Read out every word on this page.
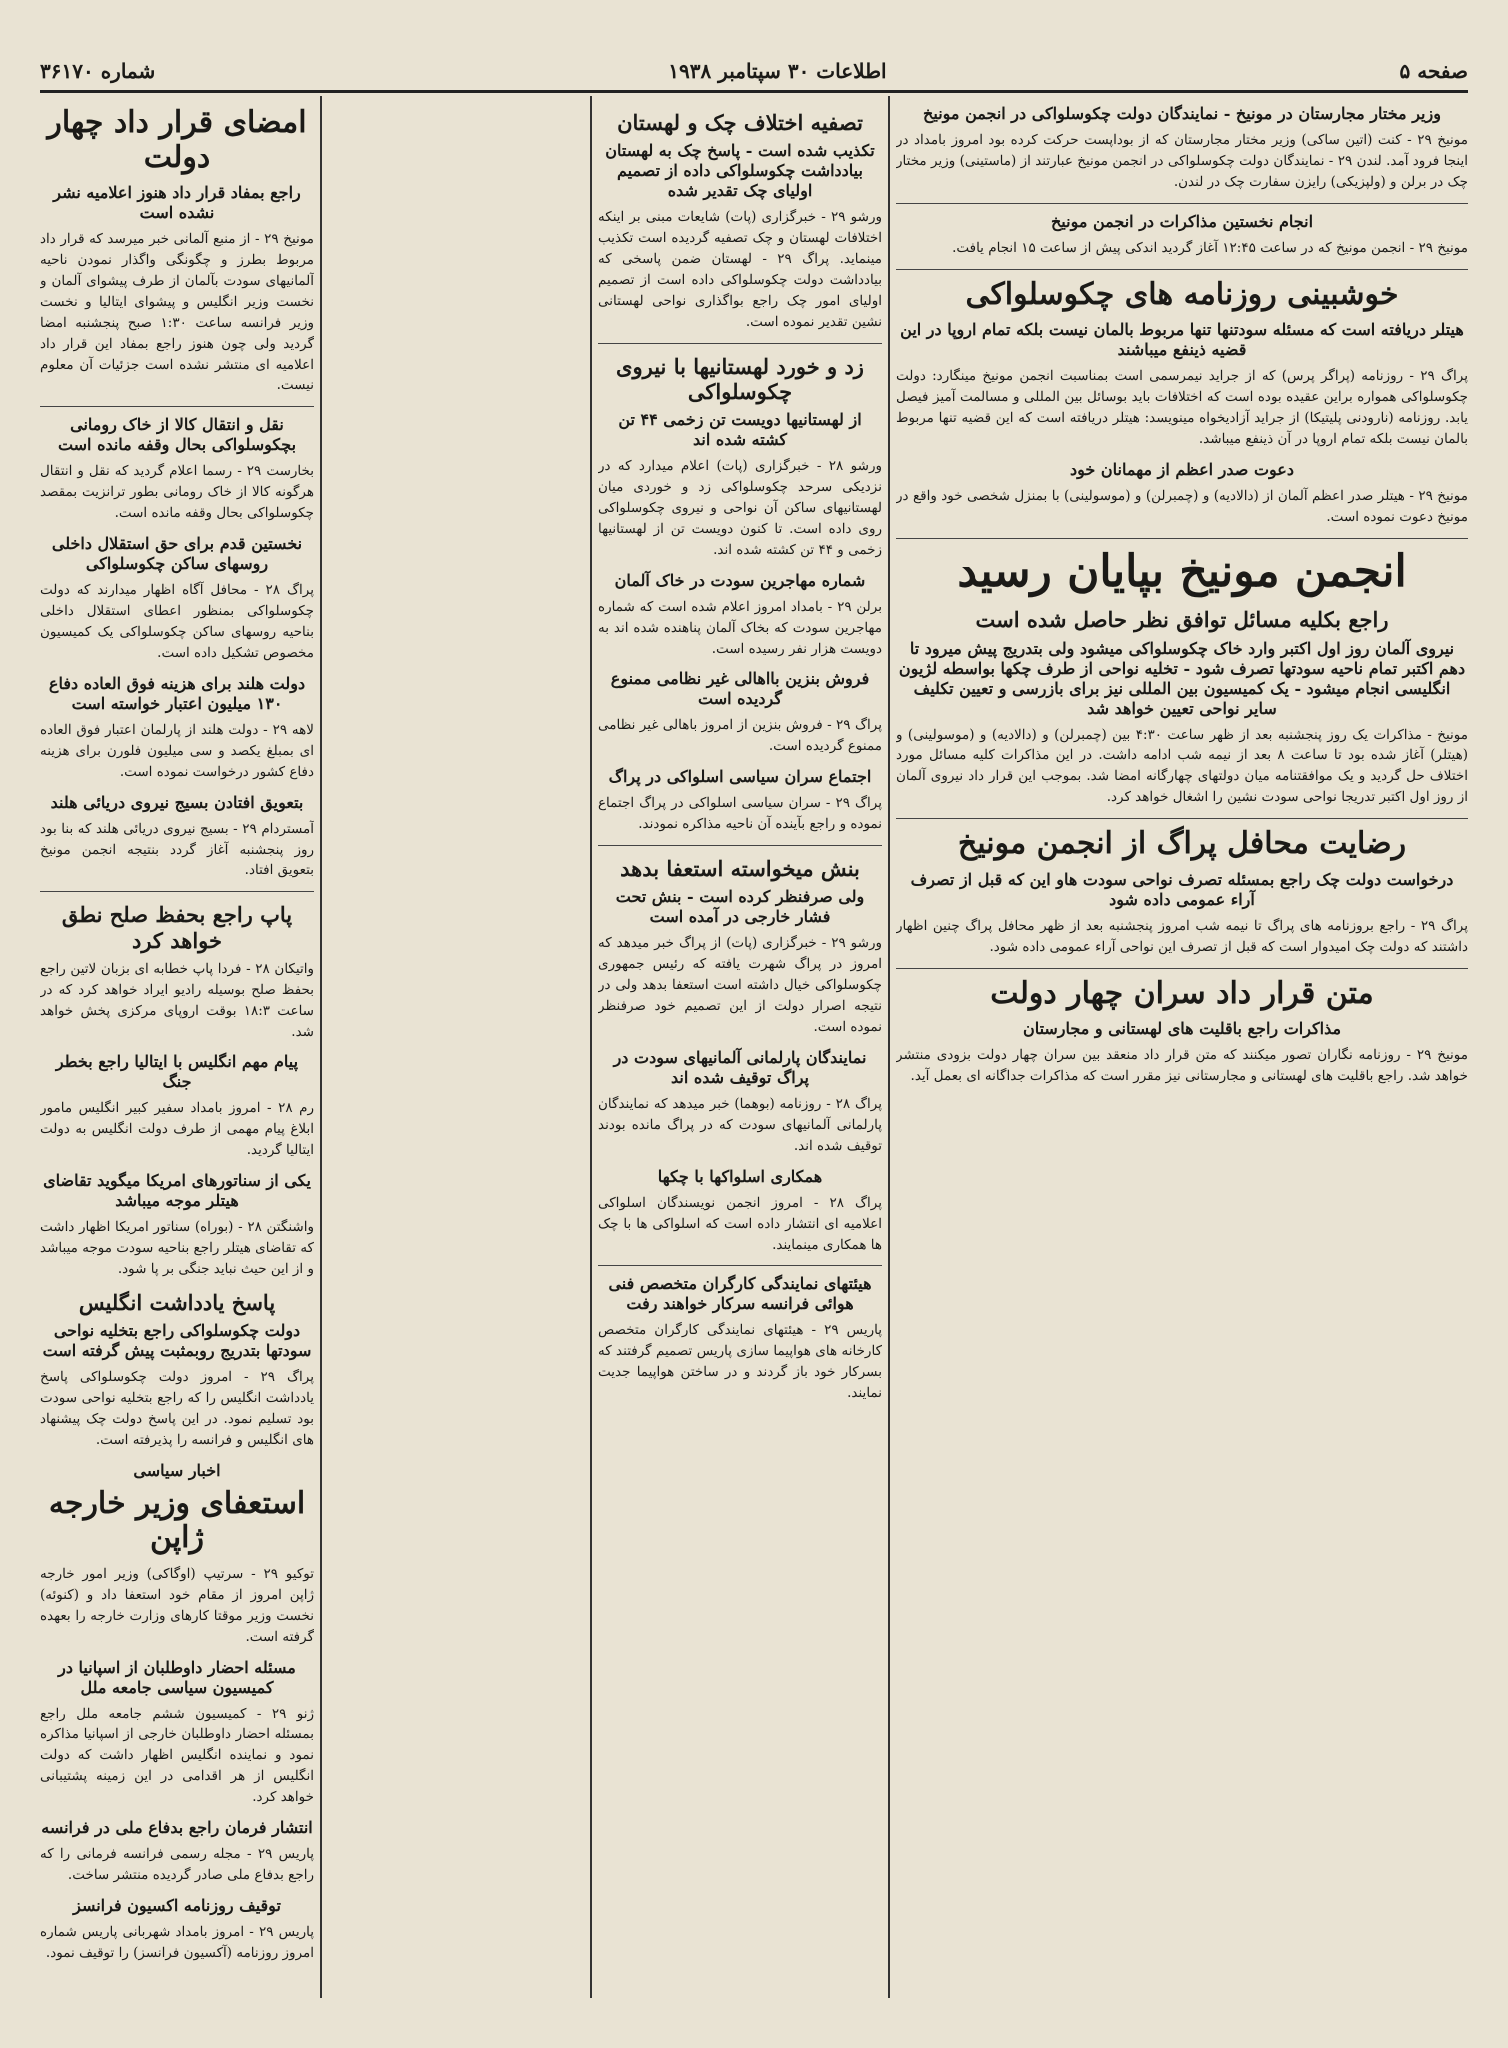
صفحه ۵
اطلاعات ۳۰ سپتامبر ۱۹۳۸
شماره ۳۶۱۷۰
وزیر مختار مجارستان در مونیخ - نمایندگان دولت چکوسلواکی در انجمن مونیخ

مونیخ ۲۹ - کنت (اتین ساکی) وزیر مختار مجارستان که از بوداپست حرکت کرده بود امروز بامداد در اینجا فرود آمد. لندن ۲۹ - نمایندگان دولت چکوسلواکی در انجمن مونیخ عبارتند از (ماستینی) وزیر مختار چک در برلن و (ولپزیکی) رایزن سفارت چک در لندن.

انجام نخستین مذاکرات در انجمن مونیخ

مونیخ ۲۹ - انجمن مونیخ که در ساعت ۱۲:۴۵ آغاز گردید اندکی پیش از ساعت ۱۵ انجام یافت.

خوشبینی روزنامه های چکوسلواکی
هیتلر دریافته است که مسئله سودتنها تنها مربوط بالمان نیست بلکه تمام اروپا در این قضیه ذینفع میباشند

پراگ ۲۹ - روزنامه (پراگر پرس) که از جراید نیمرسمی است بمناسبت انجمن مونیخ مینگارد: دولت چکوسلواکی همواره براین عقیده بوده است که اختلافات باید بوسائل بین المللی و مسالمت آمیز فیصل یابد. روزنامه (نارودنی پلیتیکا) از جراید آزادیخواه مینویسد: هیتلر دریافته است که این قضیه تنها مربوط بالمان نیست بلکه تمام اروپا در آن ذینفع میباشد.

دعوت صدر اعظم از مهمانان خود

مونیخ ۲۹ - هیتلر صدر اعظم آلمان از (دالادیه) و (چمبرلن) و (موسولینی) با بمنزل شخصی خود واقع در مونیخ دعوت نموده است.

انجمن مونیخ بپایان رسید
راجع بکلیه مسائل توافق نظر حاصل شده است
نیروی آلمان روز اول اکتبر وارد خاک چکوسلواکی میشود ولی بتدریج پیش میرود تا دهم اکتبر تمام ناحیه سودتها تصرف شود - تخلیه نواحی از طرف چکها بواسطه لژیون انگلیسی انجام میشود - یک کمیسیون بین المللی نیز برای بازرسی و تعیین تکلیف سایر نواحی تعیین خواهد شد

مونیخ - مذاکرات یک روز پنجشنبه بعد از ظهر ساعت ۴:۳۰ بین (چمبرلن) و (دالادیه) و (موسولینی) و (هیتلر) آغاز شده بود تا ساعت ۸ بعد از نیمه شب ادامه داشت. در این مذاکرات کلیه مسائل مورد اختلاف حل گردید و یک موافقتنامه میان دولتهای چهارگانه امضا شد. بموجب این قرار داد نیروی آلمان از روز اول اکتبر تدریجا نواحی سودت نشین را اشغال خواهد کرد.

رضایت محافل پراگ از انجمن مونیخ
درخواست دولت چک راجع بمسئله تصرف نواحی سودت هاو این که قبل از تصرف آراء عمومی داده شود

پراگ ۲۹ - راجع بروزنامه های پراگ تا نیمه شب امروز پنجشنبه بعد از ظهر محافل پراگ چنین اظهار داشتند که دولت چک امیدوار است که قبل از تصرف این نواحی آراء عمومی داده شود.

متن قرار داد سران چهار دولت
مذاکرات راجع باقلیت های لهستانی و مجارستان

مونیخ ۲۹ - روزنامه نگاران تصور میکنند که متن قرار داد منعقد بین سران چهار دولت بزودی منتشر خواهد شد. راجع باقلیت های لهستانی و مجارستانی نیز مقرر است که مذاکرات جداگانه ای بعمل آید.

تصفیه اختلاف چک و لهستان
تکذیب شده است - پاسخ چک به لهستان بیادداشت چکوسلواکی داده از تصمیم اولیای چک تقدیر شده

ورشو ۲۹ - خبرگزاری (پات) شایعات مبنی بر اینکه اختلافات لهستان و چک تصفیه گردیده است تکذیب مینماید. پراگ ۲۹ - لهستان ضمن پاسخی که بیادداشت دولت چکوسلواکی داده است از تصمیم اولیای امور چک راجع بواگذاری نواحی لهستانی نشین تقدیر نموده است.

زد و خورد لهستانیها با نیروی چکوسلواکی
از لهستانیها دویست تن زخمی ۴۴ تن کشته شده اند

ورشو ۲۸ - خبرگزاری (پات) اعلام میدارد که در نزدیکی سرحد چکوسلواکی زد و خوردی میان لهستانیهای ساکن آن نواحی و نیروی چکوسلواکی روی داده است. تا کنون دویست تن از لهستانیها زخمی و ۴۴ تن کشته شده اند.

شماره مهاجرین سودت در خاک آلمان

برلن ۲۹ - بامداد امروز اعلام شده است که شماره مهاجرین سودت که بخاک آلمان پناهنده شده اند به دویست هزار نفر رسیده است.

فروش بنزین بااهالی غیر نظامی ممنوع گردیده است

پراگ ۲۹ - فروش بنزین از امروز باهالی غیر نظامی ممنوع گردیده است.

اجتماع سران سیاسی اسلواکی در پراگ

پراگ ۲۹ - سران سیاسی اسلواکی در پراگ اجتماع نموده و راجع بآینده آن ناحیه مذاکره نمودند.

بنش میخواسته استعفا بدهد
ولی صرفنظر کرده است - بنش تحت فشار خارجی در آمده است

ورشو ۲۹ - خبرگزاری (پات) از پراگ خبر میدهد که امروز در پراگ شهرت یافته که رئیس جمهوری چکوسلواکی خیال داشته است استعفا بدهد ولی در نتیجه اصرار دولت از این تصمیم خود صرفنظر نموده است.

نمایندگان پارلمانی آلمانیهای سودت در پراگ توقیف شده اند

پراگ ۲۸ - روزنامه (بوهما) خبر میدهد که نمایندگان پارلمانی آلمانیهای سودت که در پراگ مانده بودند توقیف شده اند.

همکاری اسلواکها با چکها

پراگ ۲۸ - امروز انجمن نویسندگان اسلواکی اعلامیه ای انتشار داده است که اسلواکی ها با چک ها همکاری مینمایند.

هیئتهای نمایندگی کارگران متخصص فنی هوائی فرانسه سرکار خواهند رفت

پاریس ۲۹ - هیئتهای نمایندگی کارگران متخصص کارخانه های هواپیما سازی پاریس تصمیم گرفتند که بسرکار خود باز گردند و در ساختن هواپیما جدیت نمایند.

امضای قرار داد چهار دولت
راجع بمفاد قرار داد هنوز اعلامیه نشر نشده است

مونیخ ۲۹ - از منبع آلمانی خبر میرسد که قرار داد مربوط بطرز و چگونگی واگذار نمودن ناحیه آلمانیهای سودت بآلمان از طرف پیشوای آلمان و نخست وزیر انگلیس و پیشوای ایتالیا و نخست وزیر فرانسه ساعت ۱:۳۰ صبح پنجشنبه امضا گردید ولی چون هنوز راجع بمفاد این قرار داد اعلامیه ای منتشر نشده است جزئیات آن معلوم نیست.

نقل و انتقال کالا از خاک رومانی بچکوسلواکی بحال وقفه مانده است

بخارست ۲۹ - رسما اعلام گردید که نقل و انتقال هرگونه کالا از خاک رومانی بطور ترانزیت بمقصد چکوسلواکی بحال وقفه مانده است.

نخستین قدم برای حق استقلال داخلی روسهای ساکن چکوسلواکی

پراگ ۲۸ - محافل آگاه اظهار میدارند که دولت چکوسلواکی بمنظور اعطای استقلال داخلی بناحیه روسهای ساکن چکوسلواکی یک کمیسیون مخصوص تشکیل داده است.

دولت هلند برای هزینه فوق العاده دفاع ۱۳۰ میلیون اعتبار خواسته است

لاهه ۲۹ - دولت هلند از پارلمان اعتبار فوق العاده ای بمبلغ یکصد و سی میلیون فلورن برای هزینه دفاع کشور درخواست نموده است.

بتعویق افتادن بسیج نیروی دریائی هلند

آمستردام ۲۹ - بسیج نیروی دریائی هلند که بنا بود روز پنجشنبه آغاز گردد بنتیجه انجمن مونیخ بتعویق افتاد.

پاپ راجع بحفظ صلح نطق خواهد کرد

واتیکان ۲۸ - فردا پاپ خطابه ای بزبان لاتین راجع بحفظ صلح بوسیله رادیو ایراد خواهد کرد که در ساعت ۱۸:۳ بوقت اروپای مرکزی پخش خواهد شد.

پیام مهم انگلیس با ایتالیا راجع بخطر جنگ

رم ۲۸ - امروز بامداد سفیر کبیر انگلیس مامور ابلاغ پیام مهمی از طرف دولت انگلیس به دولت ایتالیا گردید.

یکی از سناتورهای امریکا میگوید تقاضای هیتلر موجه میباشد

واشنگتن ۲۸ - (بوراه) سناتور امریکا اظهار داشت که تقاضای هیتلر راجع بناحیه سودت موجه میباشد و از این حیث نباید جنگی بر پا شود.

پاسخ یادداشت انگلیس
دولت چکوسلواکی راجع بتخلیه نواحی سودتها بتدریج روبمثبت پیش گرفته است

پراگ ۲۹ - امروز دولت چکوسلواکی پاسخ یادداشت انگلیس را که راجع بتخلیه نواحی سودت بود تسلیم نمود. در این پاسخ دولت چک پیشنهاد های انگلیس و فرانسه را پذیرفته است.

اخبار سیاسی
استعفای وزیر خارجه ژاپن

توکیو ۲۹ - سرتیپ (اوگاکی) وزیر امور خارجه ژاپن امروز از مقام خود استعفا داد و (کنوئه) نخست وزیر موقتا کارهای وزارت خارجه را بعهده گرفته است.

مسئله احضار داوطلبان از اسپانیا در کمیسیون سیاسی جامعه ملل

ژنو ۲۹ - کمیسیون ششم جامعه ملل راجع بمسئله احضار داوطلبان خارجی از اسپانیا مذاکره نمود و نماینده انگلیس اظهار داشت که دولت انگلیس از هر اقدامی در این زمینه پشتیبانی خواهد کرد.

انتشار فرمان راجع بدفاع ملی در فرانسه

پاریس ۲۹ - مجله رسمی فرانسه فرمانی را که راجع بدفاع ملی صادر گردیده منتشر ساخت.

توقیف روزنامه اکسیون فرانسز

پاریس ۲۹ - امروز بامداد شهربانی پاریس شماره امروز روزنامه (آکسیون فرانسز) را توقیف نمود.
